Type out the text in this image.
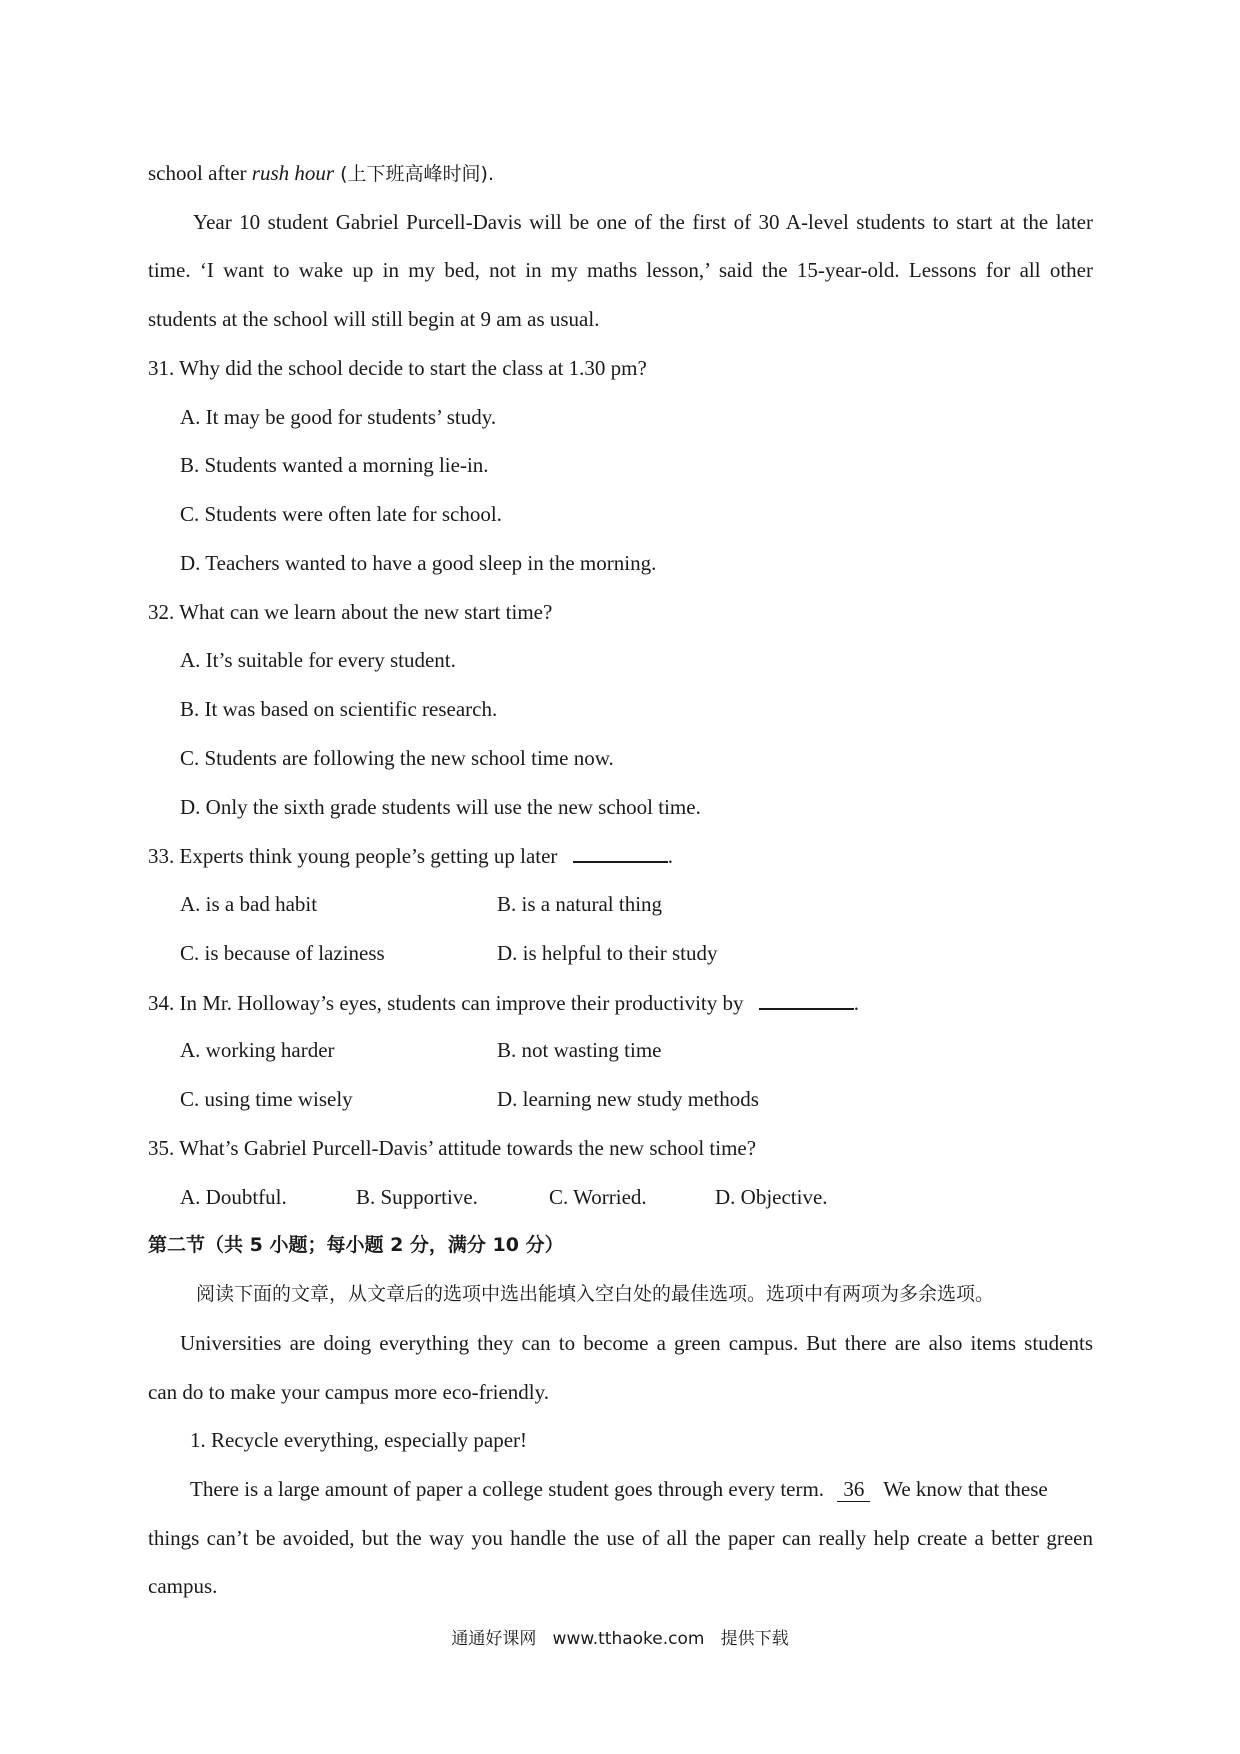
school after rush hour (上下班高峰时间).
Year 10 student Gabriel Purcell-Davis will be one of the first of 30 A-level students to start at the later
time. ‘I want to wake up in my bed, not in my maths lesson,’ said the 15-year-old. Lessons for all other
students at the school will still begin at 9 am as usual.
31. Why did the school decide to start the class at 1.30 pm?
A. It may be good for students’ study.
B. Students wanted a morning lie-in.
C. Students were often late for school.
D. Teachers wanted to have a good sleep in the morning.
32. What can we learn about the new start time?
A. It’s suitable for every student.
B. It was based on scientific research.
C. Students are following the new school time now.
D. Only the sixth grade students will use the new school time.
33. Experts think young people’s getting up later	.
A. is a bad habit	B. is a natural thing
C. is because of laziness	D. is helpful to their study
34. In Mr. Holloway’s eyes, students can improve their productivity by	.
A. working harder	B. not wasting time
C. using time wisely	D. learning new study methods
35. What’s Gabriel Purcell-Davis’ attitude towards the new school time?
A. Doubtful.	B. Supportive.	C. Worried.	D. Objective.
第二节（共 5 小题；每小题 2 分，满分 10 分）
阅读下面的文章，从文章后的选项中选出能填入空白处的最佳选项。选项中有两项为多余选项。
Universities are doing everything they can to become a green campus. But there are also items students
can do to make your campus more eco-friendly.
1. Recycle everything, especially paper!
There is a large amount of paper a college student goes through every term. 36 We know that these
things can’t be avoided, but the way you handle the use of all the paper can really help create a better green
campus.
通通好课网   www.tthaoke.com   提供下载
